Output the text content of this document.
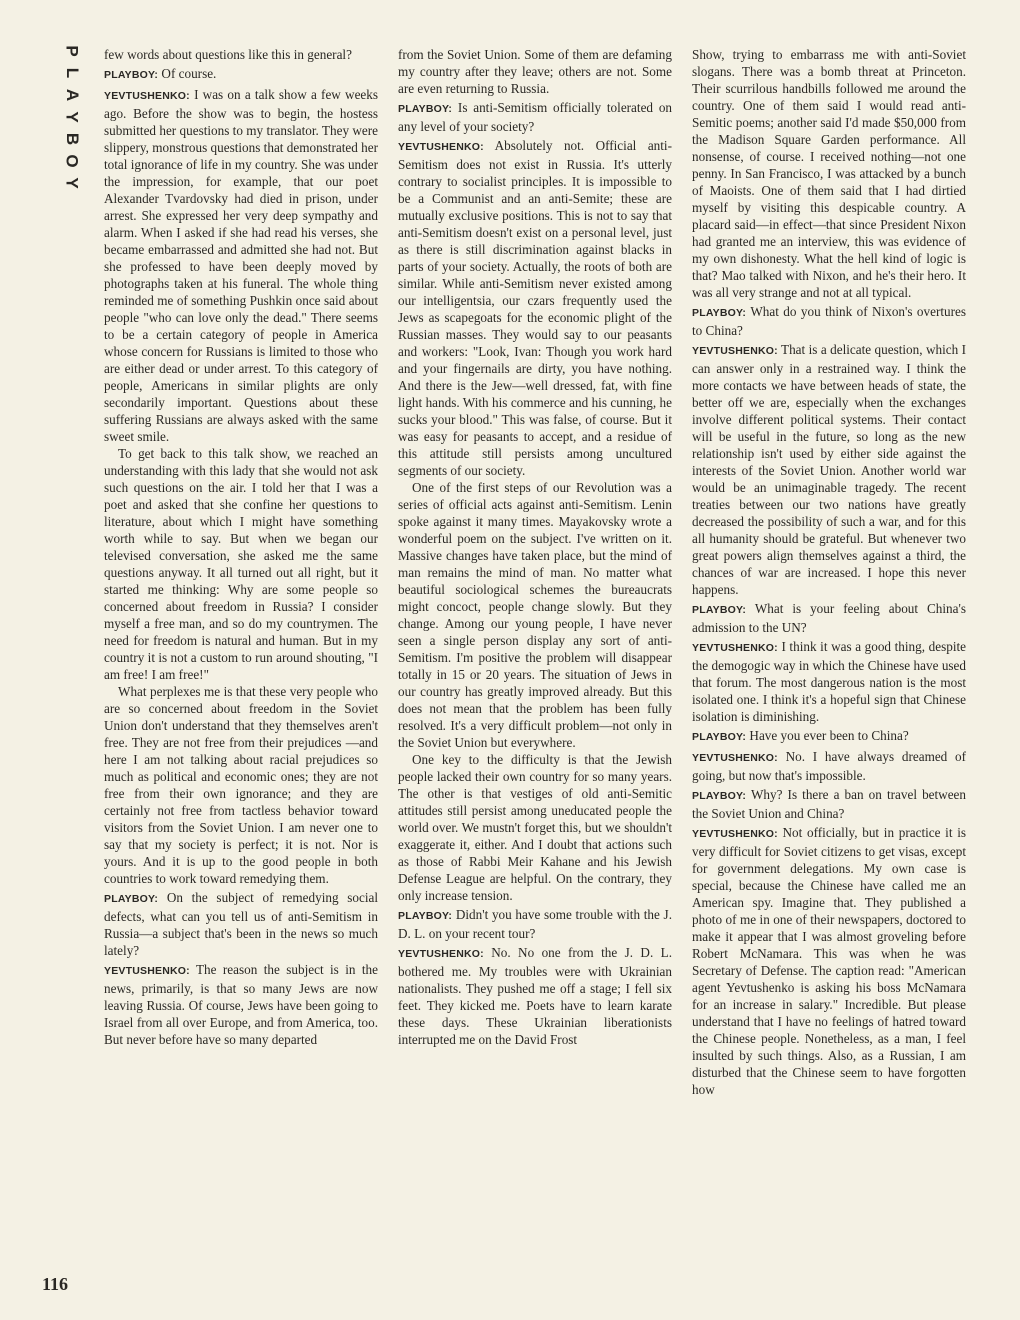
P
L
A
Y
B
O
Y

few words about questions like this in general?

PLAYBOY: Of course.

YEVTUSHENKO: I was on a talk show a few weeks ago. Before the show was to begin, the hostess submitted her questions to my translator. They were slippery, monstrous questions that demonstrated her total ignorance of life in my country. She was under the impression, for example, that our poet Alexander Tvardovsky had died in prison, under arrest. She expressed her very deep sympathy and alarm. When I asked if she had read his verses, she became embarrassed and admitted she had not. But she professed to have been deeply moved by photographs taken at his funeral. The whole thing reminded me of something Pushkin once said about people "who can love only the dead." There seems to be a certain category of people in America whose concern for Russians is limited to those who are either dead or under arrest. To this category of people, Americans in similar plights are only secondarily important. Questions about these suffering Russians are always asked with the same sweet smile.

To get back to this talk show, we reached an understanding with this lady that she would not ask such questions on the air. I told her that I was a poet and asked that she confine her questions to literature, about which I might have something worth while to say. But when we began our televised conversation, she asked me the same questions anyway. It all turned out all right, but it started me thinking: Why are some people so concerned about freedom in Russia? I consider myself a free man, and so do my countrymen. The need for freedom is natural and human. But in my country it is not a custom to run around shouting, "I am free! I am free!"

What perplexes me is that these very people who are so concerned about freedom in the Soviet Union don't understand that they themselves aren't free. They are not free from their prejudices —and here I am not talking about racial prejudices so much as political and economic ones; they are not free from their own ignorance; and they are certainly not free from tactless behavior toward visitors from the Soviet Union. I am never one to say that my society is perfect; it is not. Nor is yours. And it is up to the good people in both countries to work toward remedying them.

PLAYBOY: On the subject of remedying social defects, what can you tell us of anti-Semitism in Russia—a subject that's been in the news so much lately?

YEVTUSHENKO: The reason the subject is in the news, primarily, is that so many Jews are now leaving Russia. Of course, Jews have been going to Israel from all over Europe, and from America, too. But never before have so many departed

from the Soviet Union. Some of them are defaming my country after they leave; others are not. Some are even returning to Russia.

PLAYBOY: Is anti-Semitism officially tolerated on any level of your society?

YEVTUSHENKO: Absolutely not. Official anti-Semitism does not exist in Russia. It's utterly contrary to socialist principles. It is impossible to be a Communist and an anti-Semite; these are mutually exclusive positions. This is not to say that anti-Semitism doesn't exist on a personal level, just as there is still discrimination against blacks in parts of your society. Actually, the roots of both are similar. While anti-Semitism never existed among our intelligentsia, our czars frequently used the Jews as scapegoats for the economic plight of the Russian masses. They would say to our peasants and workers: "Look, Ivan: Though you work hard and your fingernails are dirty, you have nothing. And there is the Jew—well dressed, fat, with fine light hands. With his commerce and his cunning, he sucks your blood." This was false, of course. But it was easy for peasants to accept, and a residue of this attitude still persists among uncultured segments of our society.

One of the first steps of our Revolution was a series of official acts against anti-Semitism. Lenin spoke against it many times. Mayakovsky wrote a wonderful poem on the subject. I've written on it. Massive changes have taken place, but the mind of man remains the mind of man. No matter what beautiful sociological schemes the bureaucrats might concoct, people change slowly. But they change. Among our young people, I have never seen a single person display any sort of anti-Semitism. I'm positive the problem will disappear totally in 15 or 20 years. The situation of Jews in our country has greatly improved already. But this does not mean that the problem has been fully resolved. It's a very difficult problem—not only in the Soviet Union but everywhere.

One key to the difficulty is that the Jewish people lacked their own country for so many years. The other is that vestiges of old anti-Semitic attitudes still persist among uneducated people the world over. We mustn't forget this, but we shouldn't exaggerate it, either. And I doubt that actions such as those of Rabbi Meir Kahane and his Jewish Defense League are helpful. On the contrary, they only increase tension.

PLAYBOY: Didn't you have some trouble with the J. D. L. on your recent tour?

YEVTUSHENKO: No. No one from the J. D. L. bothered me. My troubles were with Ukrainian nationalists. They pushed me off a stage; I fell six feet. They kicked me. Poets have to learn karate these days. These Ukrainian liberationists interrupted me on the David Frost

Show, trying to embarrass me with anti-Soviet slogans. There was a bomb threat at Princeton. Their scurrilous handbills followed me around the country. One of them said I would read anti-Semitic poems; another said I'd made $50,000 from the Madison Square Garden performance. All nonsense, of course. I received nothing—not one penny. In San Francisco, I was attacked by a bunch of Maoists. One of them said that I had dirtied myself by visiting this despicable country. A placard said—in effect—that since President Nixon had granted me an interview, this was evidence of my own dishonesty. What the hell kind of logic is that? Mao talked with Nixon, and he's their hero. It was all very strange and not at all typical.

PLAYBOY: What do you think of Nixon's overtures to China?

YEVTUSHENKO: That is a delicate question, which I can answer only in a restrained way. I think the more contacts we have between heads of state, the better off we are, especially when the exchanges involve different political systems. Their contact will be useful in the future, so long as the new relationship isn't used by either side against the interests of the Soviet Union. Another world war would be an unimaginable tragedy. The recent treaties between our two nations have greatly decreased the possibility of such a war, and for this all humanity should be grateful. But whenever two great powers align themselves against a third, the chances of war are increased. I hope this never happens.

PLAYBOY: What is your feeling about China's admission to the UN?

YEVTUSHENKO: I think it was a good thing, despite the demogogic way in which the Chinese have used that forum. The most dangerous nation is the most isolated one. I think it's a hopeful sign that Chinese isolation is diminishing.

PLAYBOY: Have you ever been to China?

YEVTUSHENKO: No. I have always dreamed of going, but now that's impossible.

PLAYBOY: Why? Is there a ban on travel between the Soviet Union and China?

YEVTUSHENKO: Not officially, but in practice it is very difficult for Soviet citizens to get visas, except for government delegations. My own case is special, because the Chinese have called me an American spy. Imagine that. They published a photo of me in one of their newspapers, doctored to make it appear that I was almost groveling before Robert McNamara. This was when he was Secretary of Defense. The caption read: "American agent Yevtushenko is asking his boss McNamara for an increase in salary." Incredible. But please understand that I have no feelings of hatred toward the Chinese people. Nonetheless, as a man, I feel insulted by such things. Also, as a Russian, I am disturbed that the Chinese seem to have forgotten how

116
